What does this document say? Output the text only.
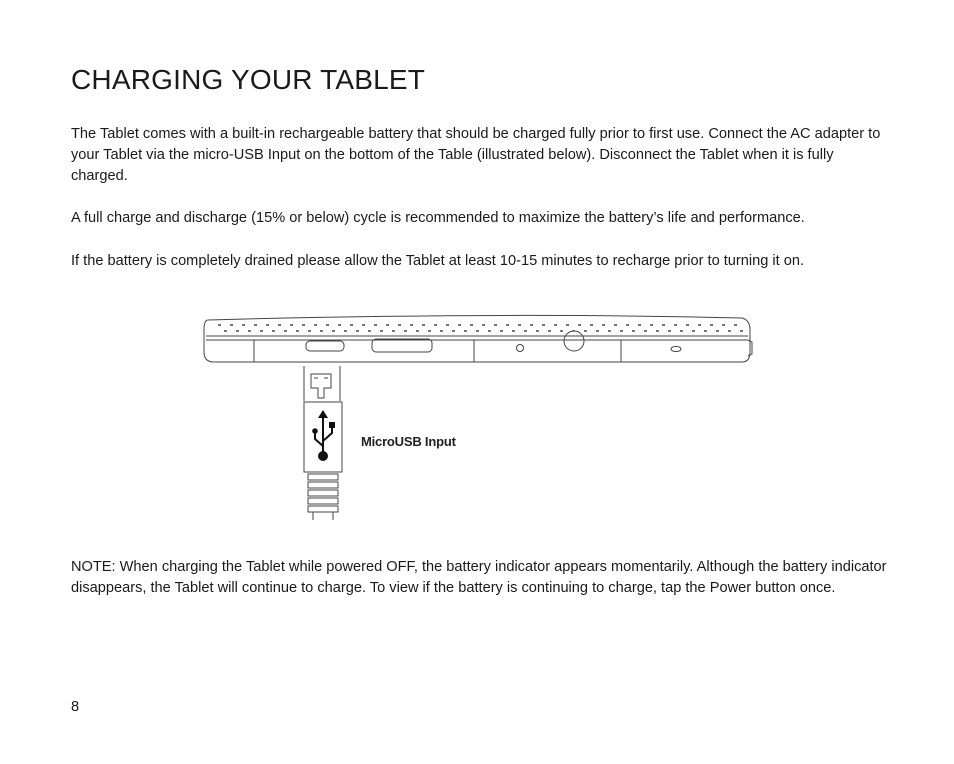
CHARGING YOUR TABLET

The Tablet comes with a built-in rechargeable battery that should be charged fully prior to first use. Connect the AC adapter to your Tablet via the micro-USB Input on the bottom of the Table (illustrated below). Disconnect the Tablet when it is fully charged.

A full charge and discharge (15% or below) cycle is recommended to maximize the battery’s life and performance.

If the battery is completely drained please allow the Tablet at least 10-15 minutes to recharge prior to turning it on.

MicroUSB Input

NOTE: When charging the Tablet while powered OFF, the battery indicator appears momentarily. Although the battery indicator disappears, the Tablet will continue to charge. To view if the battery is continuing to charge, tap the Power button once.

8
